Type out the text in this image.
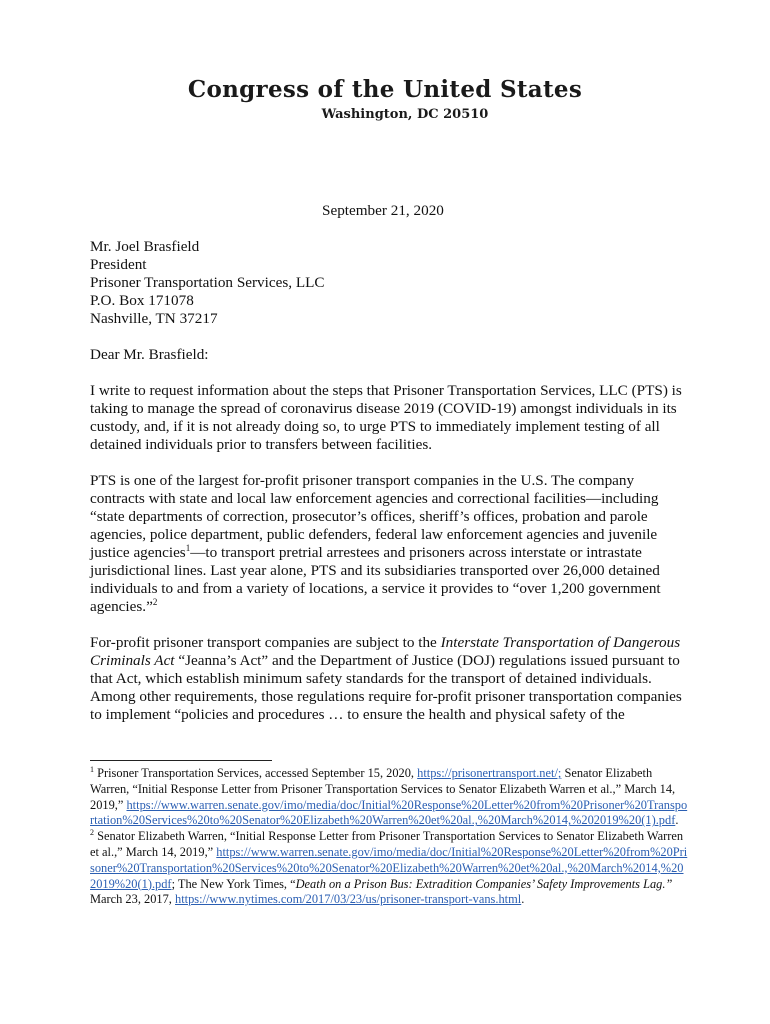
Congress of the United States
Washington, DC 20510
September 21, 2020
Mr. Joel Brasfield
President
Prisoner Transportation Services, LLC
P.O. Box 171078
Nashville, TN 37217
Dear Mr. Brasfield:

I write to request information about the steps that Prisoner Transportation Services, LLC (PTS) is taking to manage the spread of coronavirus disease 2019 (COVID-19) amongst individuals in its custody, and, if it is not already doing so, to urge PTS to immediately implement testing of all detained individuals prior to transfers between facilities.

PTS is one of the largest for-profit prisoner transport companies in the U.S. The company contracts with state and local law enforcement agencies and correctional facilities—including “state departments of correction, prosecutor’s offices, sheriff’s offices, probation and parole agencies, police department, public defenders, federal law enforcement agencies and juvenile justice agencies$^1$—to transport pretrial arrestees and prisoners across interstate or intrastate jurisdictional lines. Last year alone, PTS and its subsidiaries transported over 26,000 detained individuals to and from a variety of locations, a service it provides to “over 1,200 government agencies.”$^2$

For-profit prisoner transport companies are subject to the Interstate Transportation of Dangerous Criminals Act “Jeanna’s Act” and the Department of Justice (DOJ) regulations issued pursuant to that Act, which establish minimum safety standards for the transport of detained individuals. Among other requirements, those regulations require for-profit prisoner transportation companies to implement “policies and procedures … to ensure the health and physical safety of the

$^1$ Prisoner Transportation Services, accessed September 15, 2020, https://prisonertransport.net/; Senator Elizabeth Warren, “Initial Response Letter from Prisoner Transportation Services to Senator Elizabeth Warren et al.,” March 14, 2019,” https://www.warren.senate.gov/imo/media/doc/Initial%20Response%20Letter%20from%20Prisoner%20Transportation%20Services%20to%20Senator%20Elizabeth%20Warren%20et%20al.,%20March%2014,%202019%20(1).pdf.

$^2$ Senator Elizabeth Warren, “Initial Response Letter from Prisoner Transportation Services to Senator Elizabeth Warren et al.,” March 14, 2019,” https://www.warren.senate.gov/imo/media/doc/Initial%20Response%20Letter%20from%20Prisoner%20Transportation%20Services%20to%20Senator%20Elizabeth%20Warren%20et%20al.,%20March%2014,%202019%20(1).pdf; The New York Times, “Death on a Prison Bus: Extradition Companies’ Safety Improvements Lag.” March 23, 2017, https://www.nytimes.com/2017/03/23/us/prisoner-transport-vans.html.
